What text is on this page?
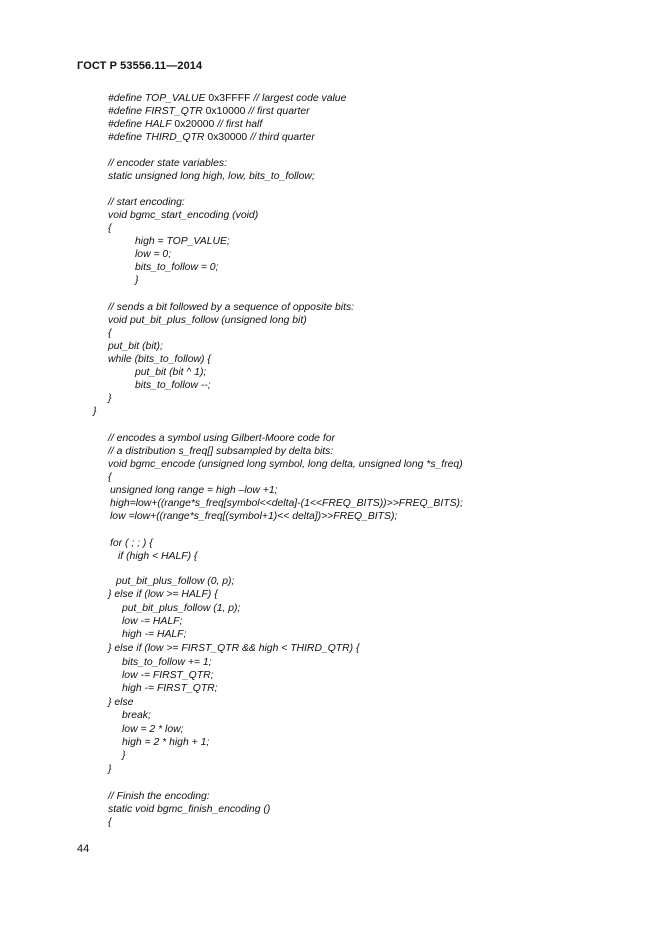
ГОСТ Р 53556.11—2014
44
#define TOP_VALUE 0x3FFFF // largest code value
#define FIRST_QTR 0x10000 // first quarter
#define HALF 0x20000 // first half
#define THIRD_QTR 0x30000 // third quarter
// encoder state variables:
static unsigned long high, low, bits_to_follow;
// start encoding:
void bgmc_start_encoding (void)
{
high = TOP_VALUE;
low = 0;
bits_to_follow = 0;
}
// sends a bit followed by a sequence of opposite bits:
void put_bit_plus_follow (unsigned long bit)
{
put_bit (bit);
while (bits_to_follow) {
put_bit (bit ^ 1);
bits_to_follow --;
}
}
// encodes a symbol using Gilbert-Moore code for
// a distribution s_freq[] subsampled by delta bits:
void bgmc_encode (unsigned long symbol, long delta, unsigned long *s_freq)
{
unsigned long range = high –low +1;
high=low+((range*s_freq[symbol<<delta]-(1<<FREQ_BITS))>>FREQ_BITS);
low =low+((range*s_freq[(symbol+1)<< delta])>>FREQ_BITS);
for ( ; ; ) {
if (high < HALF) {
put_bit_plus_follow (0, p);
} else if (low >= HALF) {
put_bit_plus_follow (1, p);
low -= HALF;
high -= HALF;
} else if (low >= FIRST_QTR && high < THIRD_QTR) {
bits_to_follow += 1;
low -= FIRST_QTR;
high -= FIRST_QTR;
} else
break;
low = 2 * low;
high = 2 * high + 1;
}
}
// Finish the encoding:
static void bgmc_finish_encoding ()
{
